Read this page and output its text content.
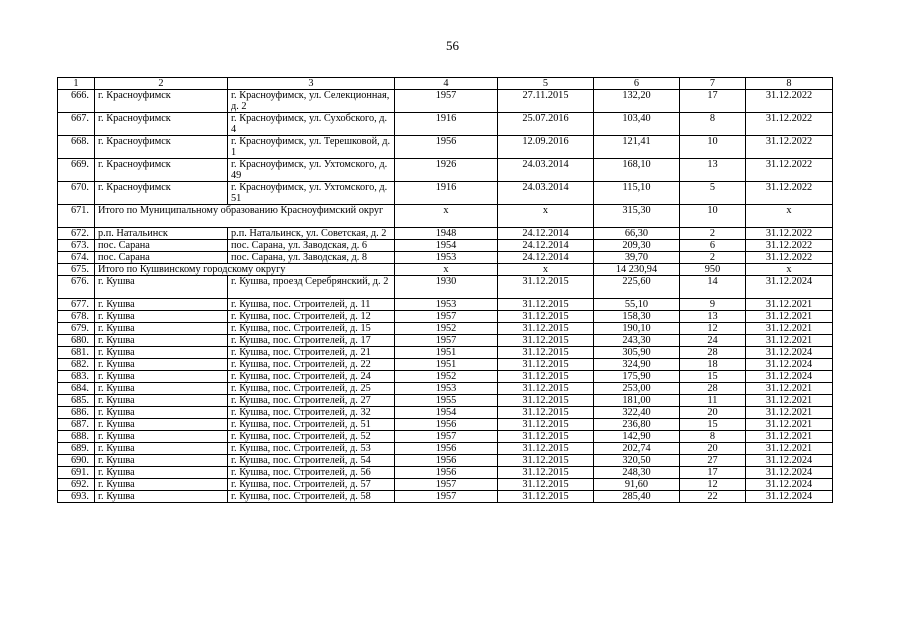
56
1	2	3	4	5	6	7	8
666.	г. Красноуфимск	г. Красноуфимск, ул. Селекционная, д. 2	1957	27.11.2015	132,20	17	31.12.2022
667.	г. Красноуфимск	г. Красноуфимск, ул. Сухобского, д. 4	1916	25.07.2016	103,40	8	31.12.2022
668.	г. Красноуфимск	г. Красноуфимск, ул. Терешковой, д. 1	1956	12.09.2016	121,41	10	31.12.2022
669.	г. Красноуфимск	г. Красноуфимск, ул. Ухтомского, д. 49	1926	24.03.2014	168,10	13	31.12.2022
670.	г. Красноуфимск	г. Красноуфимск, ул. Ухтомского, д. 51	1916	24.03.2014	115,10	5	31.12.2022
671.	Итого по Муниципальному образованию Красноуфимский округ		x	x	315,30	10	x
672.	р.п. Натальинск	р.п. Натальинск, ул. Советская, д. 2	1948	24.12.2014	66,30	2	31.12.2022
673.	пос. Сарана	пос. Сарана, ул. Заводская, д. 6	1954	24.12.2014	209,30	6	31.12.2022
674.	пос. Сарана	пос. Сарана, ул. Заводская, д. 8	1953	24.12.2014	39,70	2	31.12.2022
675.	Итого по Кушвинскому городскому округу		x	x	14 230,94	950	x
676.	г. Кушва	г. Кушва, проезд Серебрянский, д. 2	1930	31.12.2015	225,60	14	31.12.2024
677.	г. Кушва	г. Кушва, пос. Строителей, д. 11	1953	31.12.2015	55,10	9	31.12.2021
678.	г. Кушва	г. Кушва, пос. Строителей, д. 12	1957	31.12.2015	158,30	13	31.12.2021
679.	г. Кушва	г. Кушва, пос. Строителей, д. 15	1952	31.12.2015	190,10	12	31.12.2021
680.	г. Кушва	г. Кушва, пос. Строителей, д. 17	1957	31.12.2015	243,30	24	31.12.2021
681.	г. Кушва	г. Кушва, пос. Строителей, д. 21	1951	31.12.2015	305,90	28	31.12.2024
682.	г. Кушва	г. Кушва, пос. Строителей, д. 22	1951	31.12.2015	324,90	18	31.12.2024
683.	г. Кушва	г. Кушва, пос. Строителей, д. 24	1952	31.12.2015	175,90	15	31.12.2024
684.	г. Кушва	г. Кушва, пос. Строителей, д. 25	1953	31.12.2015	253,00	28	31.12.2021
685.	г. Кушва	г. Кушва, пос. Строителей, д. 27	1955	31.12.2015	181,00	11	31.12.2021
686.	г. Кушва	г. Кушва, пос. Строителей, д. 32	1954	31.12.2015	322,40	20	31.12.2021
687.	г. Кушва	г. Кушва, пос. Строителей, д. 51	1956	31.12.2015	236,80	15	31.12.2021
688.	г. Кушва	г. Кушва, пос. Строителей, д. 52	1957	31.12.2015	142,90	8	31.12.2021
689.	г. Кушва	г. Кушва, пос. Строителей, д. 53	1956	31.12.2015	202,74	20	31.12.2021
690.	г. Кушва	г. Кушва, пос. Строителей, д. 54	1956	31.12.2015	320,50	27	31.12.2024
691.	г. Кушва	г. Кушва, пос. Строителей, д. 56	1956	31.12.2015	248,30	17	31.12.2024
692.	г. Кушва	г. Кушва, пос. Строителей, д. 57	1957	31.12.2015	91,60	12	31.12.2024
693.	г. Кушва	г. Кушва, пос. Строителей, д. 58	1957	31.12.2015	285,40	22	31.12.2024
